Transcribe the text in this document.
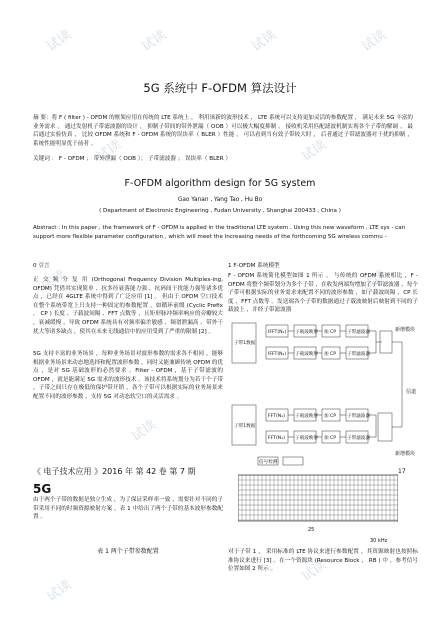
试读	试读	试读	试读
试读	试读
试读	试读
试读
试读
试读
5G 系统中 F-OFDM 算法设计
摘 要：将 F ( filter ) - OFDM 的框架应用在传统的 LTE 系统上 ， 利用该新的波形技术 ， LTE 系统可以支持更加灵活的参数配置 ， 满足未来 5G 丰富的业务需求 。 通过发射机子带滤波器的设计 ， 抑制子带间的带外泄漏（ OOB ）可以极大幅度抑制 。 接收机采用匹配滤波机制实现各个子带的解调 。 最后通过实验仿真 ， 比较 OFDM 系统和 F - OFDM 系统的误块率（ BLER ）性能 ， 可以看到当有效子带较大时 ， 后者通过子带滤波器对干扰的抑制 ， 系统性能明显优于前者 。
关键词 ： F - OFDM ； 带外泄漏（ OOB ）； 子带滤波器 ； 误块率（ BLER ）
F-OFDM algorithm design for 5G system
Gao Yanan , Yang Tao , Hu Bo
( Department of Electronic Engineering , Fudan University , Shanghai 200433 , China )
Abstract : In this paper , the framework of F - OFDM is applied in the traditional LTE system . Using this new waveform , LTE sys - can support more flexible parameter configuration , which will meet the increasing needs of the forthcoming 5G wireless commu -
0 引言
正 交 频 分 复 用 (Orthogonal Frequency Division Multiplex-ing, OFDM) 凭借其实现简单 、抗多径衰落能力强 、抗码间干扰能力强等诸多优点 ，已经在 4GLTE 系统中得到了广泛应用 [1] 。 但由于 OFDM 空口技术在整个系统带宽上只支持一种固定的参数配置 ，如循环前缀 (Cyclic Prefix ， CP ) 长度 、子载波间隔 、FFT 点数等 ，且矩形脉冲频率响应的旁瓣较大 ，衰减缓慢 ，导致 OFDM 系统具有对频率偏差敏感 、频谱泄漏高 、带外干扰大等诸多缺点 ，使其在未来无线通信中的应用受到了严重的限制 [2] 。
5G 支持丰富的业务场景 ，每种业务场景对波形参数的需求各不相同 ，能够根据业务场景来动态地选择和配置波形参数 ，同时又能兼顾传统 OFDM 的优点 ，是对 5G 基础波形的必然要求 。Filter - OFDM ，基于子带滤波的 OFDM ，就是能满足 5G 需求的波形技术 。该技术将系统划分为若干个子带 ，子带之间只存在极低的保护带开销 ，各个子带可以根据实际的业务场景来配置不同的波形参数 ，支持 5G 对动态软空口的灵活需求 。
《 电子技术应用 》2016 年 第 42 卷 第 7 期
5G
17
由于两个子带的数据是独立生成 ，为了保证采样率一致 ，需要针对不同的子带采用不同的时频资源映射方案 。表 1 中给出了两个子带的基本波形参数配置 。
表 1 两个子带参数配置
1 F-OFDM 系统模型
F - OFDM 系统简化模型如图 1 所示 。 与传统的 OFDM 系统相比 ，F - OFDM 将整个频带划分为多个子带 ，在收发两端均增加了子带滤波器 。每个子带可根据实际的业务需求来配置不同的波形参数 ，如子载波间隔 、CP 长度 、FFT 点数等 。发送端各个子带的数据通过子载波映射后映射到不同的子载波上 ，并经子带滤波器
子带1数据
IFFT(N₁) 子载波映射 加 CP 子带滤波器
IFFT(N₁) 子载波映射 加 CP 子带滤波器
子带1数据
FFT(N₁) 子载波映射 加 CP 子带滤波器
FFT(N₁) 子载波映射 加 CP 子带滤波器
信号检测
新增模块
信道
新增模块
25
30 kHz
对于子带 1 ， 采用标准的 LTE 协议来进行参数配置 ，其资源映射也按照标准协议来进行 [3] 。在一个资源块 (Resource Block ， RB ) 中 ，参考信号位置如图 2 所示 。
